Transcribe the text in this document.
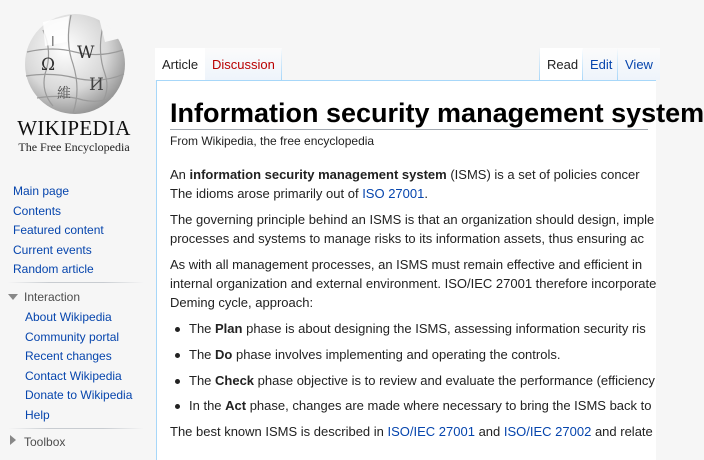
Ω
W
И
維
ا
WIKIPEDIA
The Free Encyclopedia
Main page
Contents
Featured content
Current events
Random article
Interaction
About Wikipedia
Community portal
Recent changes
Contact Wikipedia
Donate to Wikipedia
Help
Toolbox
Article	Discussion	Read Edit View
Information security management system
From Wikipedia, the free encyclopedia
An information security management system (ISMS) is a set of policies concer
The idioms arose primarily out of ISO 27001.
The governing principle behind an ISMS is that an organization should design, imple
processes and systems to manage risks to its information assets, thus ensuring ac
As with all management processes, an ISMS must remain effective and efficient in
internal organization and external environment. ISO/IEC 27001 therefore incorporate
Deming cycle, approach:
The Plan phase is about designing the ISMS, assessing information security ris
The Do phase involves implementing and operating the controls.
The Check phase objective is to review and evaluate the performance (efficiency
In the Act phase, changes are made where necessary to bring the ISMS back to
The best known ISMS is described in ISO/IEC 27001 and ISO/IEC 27002 and relate
